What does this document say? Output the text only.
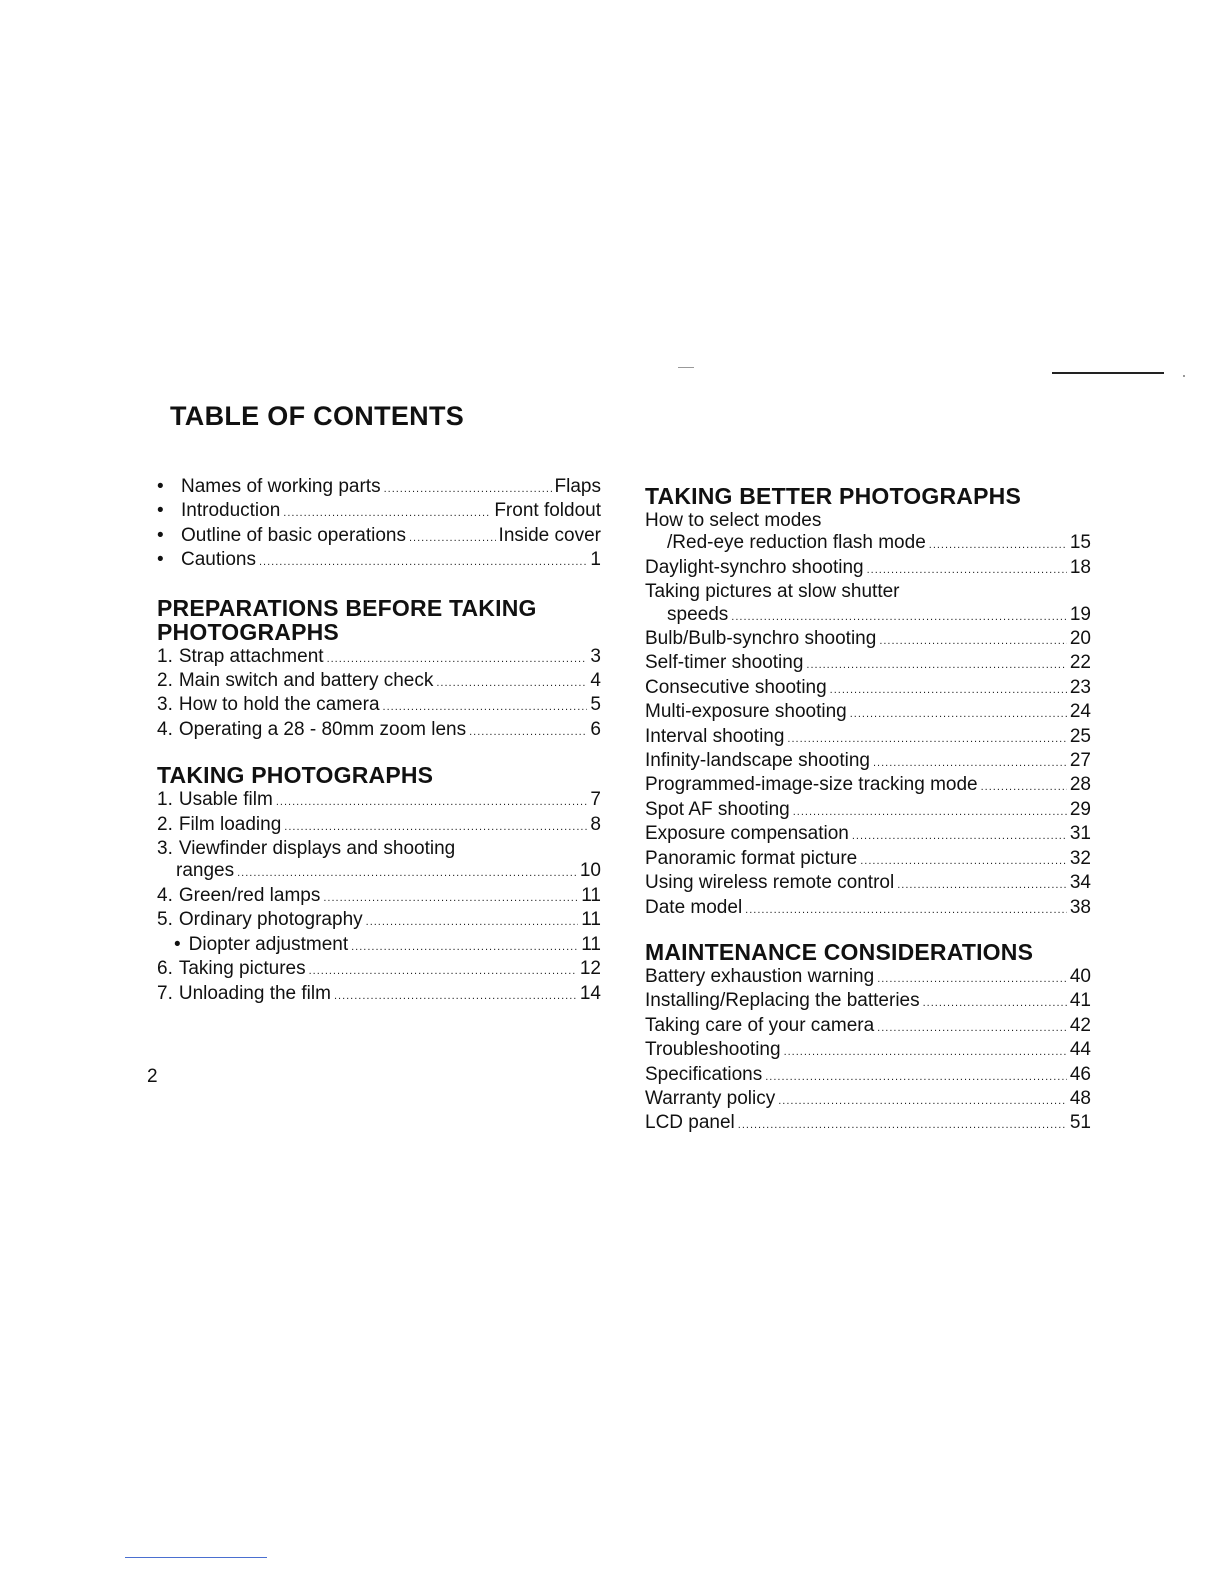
TABLE OF CONTENTS
• Names of working parts .....	Flaps
• Introduction .....	Front foldout
• Outline of basic operations .....	Inside cover
• Cautions .....	1
PREPARATIONS BEFORE TAKING
PHOTOGRAPHS
1. Strap attachment .....	3
2. Main switch and battery check .....	4
3. How to hold the camera .....	5
4. Operating a 28 - 80mm zoom lens .....	6
TAKING PHOTOGRAPHS
1. Usable film .....	7
2. Film loading .....	8
3. Viewfinder displays and shooting
ranges .....	10
4. Green/red lamps .....	11
5. Ordinary photography .....	11
• Diopter adjustment .....	11
6. Taking pictures .....	12
7. Unloading the film .....	14
TAKING BETTER PHOTOGRAPHS
How to select modes
/Red-eye reduction flash mode .....	15
Daylight-synchro shooting .....	18
Taking pictures at slow shutter
speeds .....	19
Bulb/Bulb-synchro shooting .....	20
Self-timer shooting .....	22
Consecutive shooting .....	23
Multi-exposure shooting .....	24
Interval shooting .....	25
Infinity-landscape shooting .....	27
Programmed-image-size tracking mode .....	28
Spot AF shooting .....	29
Exposure compensation .....	31
Panoramic format picture .....	32
Using wireless remote control .....	34
Date model .....	38
MAINTENANCE CONSIDERATIONS
Battery exhaustion warning .....	40
Installing/Replacing the batteries .....	41
Taking care of your camera .....	42
Troubleshooting .....	44
Specifications .....	46
Warranty policy .....	48
LCD panel .....	51
2
